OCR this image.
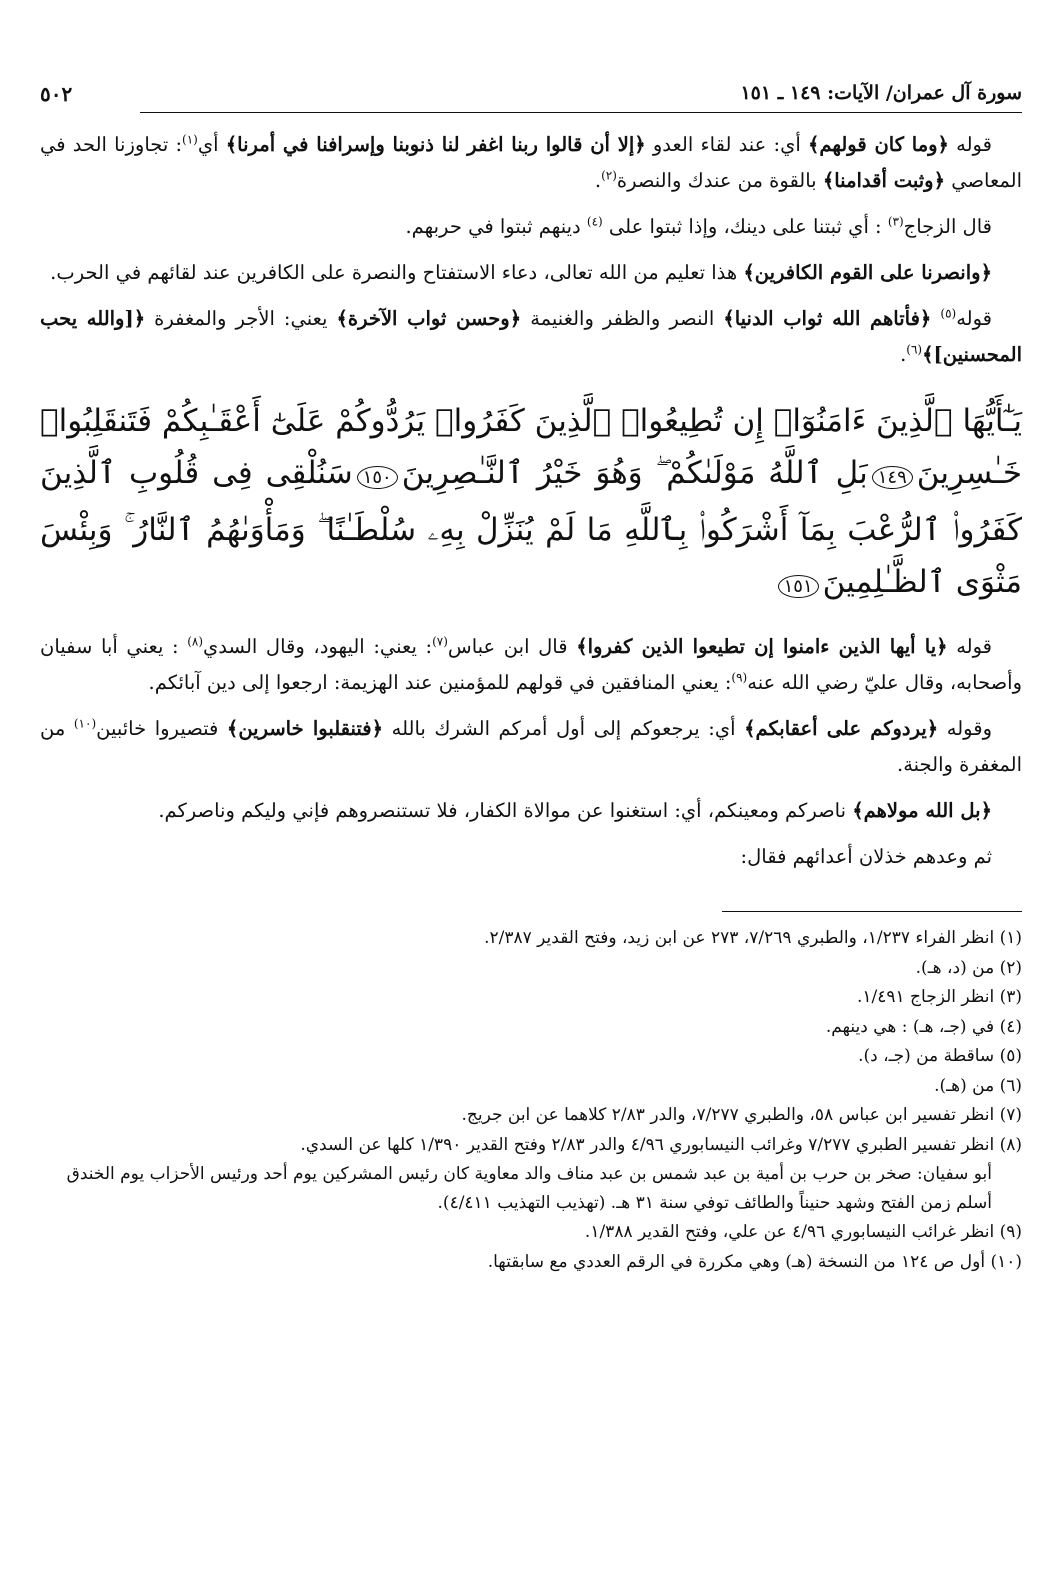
سورة آل عمران/ الآيات: ١٤٩ ـ ١٥١
٥٠٢

قوله ﴿وما كان قولهم﴾ أي: عند لقاء العدو ﴿إلا أن قالوا ربنا اغفر لنا ذنوبنا وإسرافنا في أمرنا﴾ أي$^{(١)}$: تجاوزنا الحد في المعاصي ﴿وثبت أقدامنا﴾ بالقوة من عندك والنصرة$^{(٢)}$.

قال الزجاج$^{(٣)}$ : أي ثبتنا على دينك، وإذا ثبتوا على $^{(٤)}$ دينهم ثبتوا في حربهم.

﴿وانصرنا على القوم الكافرين﴾ هذا تعليم من الله تعالى، دعاء الاستفتاح والنصرة على الكافرين عند لقائهم في الحرب.

قوله$^{(٥)}$ ﴿فأتاهم الله ثواب الدنيا﴾ النصر والظفر والغنيمة ﴿وحسن ثواب الآخرة﴾ يعني: الأجر والمغفرة ﴿[والله يحب المحسنين]﴾$^{(٦)}$.

يَـٰٓأَيُّهَا ٱلَّذِينَ ءَامَنُوٓا۟ إِن تُطِيعُوا۟ ٱلَّذِينَ كَفَرُوا۟ يَرُدُّوكُمْ عَلَىٰٓ أَعْقَـٰبِكُمْ فَتَنقَلِبُوا۟ خَـٰسِرِينَ١٤٩بَلِ ٱللَّهُ مَوْلَىٰكُمْ ۖ وَهُوَ خَيْرُ ٱلنَّـٰصِرِينَ١٥٠سَنُلْقِى فِى قُلُوبِ ٱلَّذِينَ كَفَرُوا۟ ٱلرُّعْبَ بِمَآ أَشْرَكُوا۟ بِٱللَّهِ مَا لَمْ يُنَزِّلْ بِهِۦ سُلْطَـٰنًا ۖ وَمَأْوَىٰهُمُ ٱلنَّارُ ۚ وَبِئْسَ مَثْوَى ٱلظَّـٰلِمِينَ١٥١

قوله ﴿يا أيها الذين ءامنوا إن تطيعوا الذين كفروا﴾ قال ابن عباس$^{(٧)}$: يعني: اليهود، وقال السدي$^{(٨)}$ : يعني أبا سفيان وأصحابه، وقال عليّ رضي الله عنه$^{(٩)}$: يعني المنافقين في قولهم للمؤمنين عند الهزيمة: ارجعوا إلى دين آبائكم.

وقوله ﴿يردوكم على أعقابكم﴾ أي: يرجعوكم إلى أول أمركم الشرك بالله ﴿فتنقلبوا خاسرين﴾ فتصيروا خائبين$^{(١٠)}$ من المغفرة والجنة.

﴿بل الله مولاهم﴾ ناصركم ومعينكم، أي: استغنوا عن موالاة الكفار، فلا تستنصروهم فإني وليكم وناصركم.

ثم وعدهم خذلان أعدائهم فقال:

(١) انظر الفراء ١/٢٣٧، والطبري ٧/٢٦٩، ٢٧٣ عن ابن زيد، وفتح القدير ٢/٣٨٧.

(٢) من (د، هـ).

(٣) انظر الزجاج ١/٤٩١.

(٤) في (جـ، هـ) : هي دينهم.

(٥) ساقطة من (جـ، د).

(٦) من (هـ).

(٧) انظر تفسير ابن عباس ٥٨، والطبري ٧/٢٧٧، والدر ٢/٨٣ كلاهما عن ابن جريج.

(٨) انظر تفسير الطبري ٧/٢٧٧ وغرائب النيسابوري ٤/٩٦ والدر ٢/٨٣ وفتح القدير ١/٣٩٠ كلها عن السدي.

أبو سفيان: صخر بن حرب بن أمية بن عبد شمس بن عبد مناف والد معاوية كان رئيس المشركين يوم أحد ورئيس الأحزاب يوم الخندق

أسلم زمن الفتح وشهد حنيناً والطائف توفي سنة ٣١ هـ. (تهذيب التهذيب ٤/٤١١).

(٩) انظر غرائب النيسابوري ٤/٩٦ عن علي، وفتح القدير ١/٣٨٨.

(١٠) أول ص ١٢٤ من النسخة (هـ) وهي مكررة في الرقم العددي مع سابقتها.
